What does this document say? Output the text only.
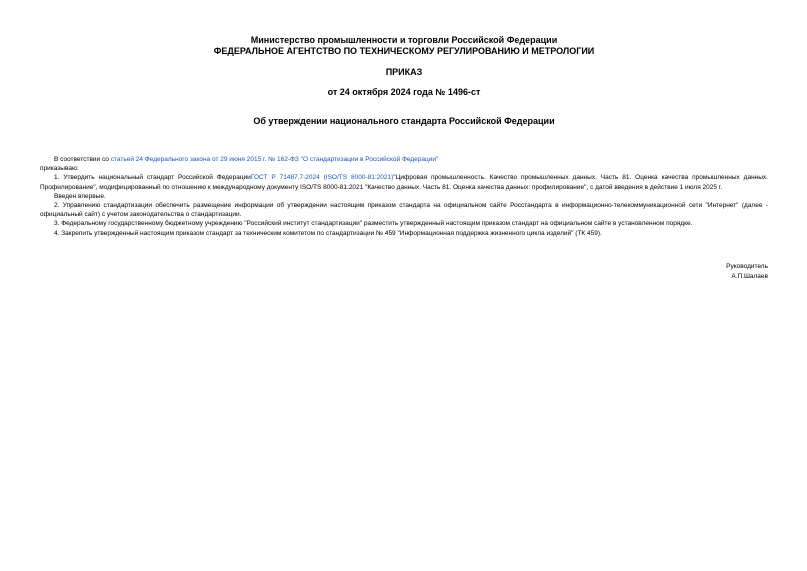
Министерство промышленности и торговли Российской Федерации

ФЕДЕРАЛЬНОЕ АГЕНТСТВО ПО ТЕХНИЧЕСКОМУ РЕГУЛИРОВАНИЮ И МЕТРОЛОГИИ

ПРИКАЗ

от 24 октября 2024 года № 1496-ст

Об утверждении национального стандарта Российской Федерации

В соответствии со статьей 24 Федерального закона от 29 июня 2015 г. № 162-ФЗ "О стандартизации в Российской Федерации"

приказываю:

1. Утвердить национальный стандарт Российской ФедерацииГОСТ Р 71487.7-2024 (ISO/TS 8000-81:2021)"Цифровая промышленность. Качество промышленных данных. Часть 81. Оценка качества промышленных данных. Профилирование", модифицированный по отношению к международному документу ISO/TS 8000-81:2021 "Качество данных. Часть 81. Оценка качества данных: профилирование", с датой введения в действие 1 июля 2025 г.

Введен впервые.

2. Управлению стандартизации обеспечить размещение информации об утверждении настоящим приказом стандарта на официальном сайте Росстандарта в информационно-телекоммуникационной сети "Интернет" (далее - официальный сайт) с учетом законодательства о стандартизации.

3. Федеральному государственному бюджетному учреждению "Российский институт стандартизации" разместить утвержденный настоящим приказом стандарт на официальном сайте в установленном порядке.

4. Закрепить утвержденный настоящим приказом стандарт за техническим комитетом по стандартизации № 459 "Информационная поддержка жизненного цикла изделий" (ТК 459).

Руководитель
А.П.Шалаев
